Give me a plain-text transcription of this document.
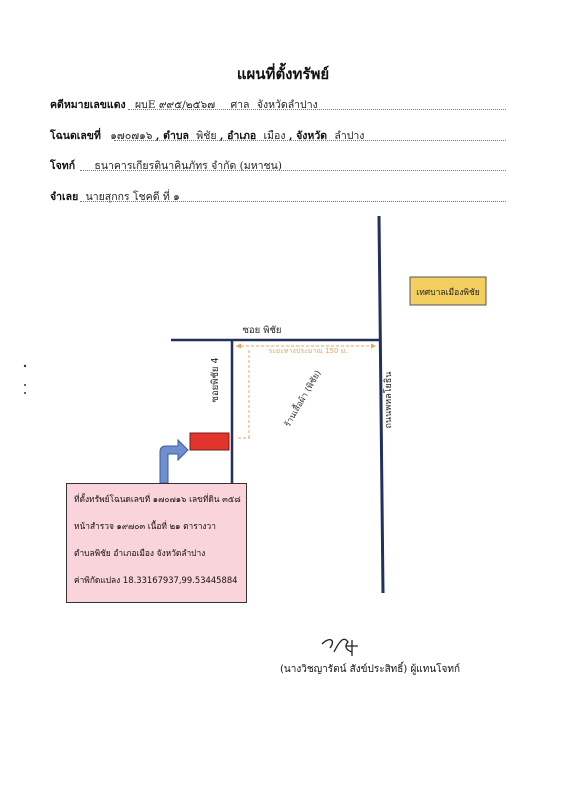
แผนที่ตั้งทรัพย์
คดีหมายเลขแดง ผบE ๙๙๕/๒๕๖๗ ศาล จังหวัดลำปาง
โฉนดเลขที่ ๑๗๐๗๑๖ , ตำบล พิชัย , อำเภอ เมือง , จังหวัด ลำปาง
โจทก์ ธนาคารเกียรตินาคินภัทร จำกัด (มหาชน)
จำเลย นายสุกกร โชคดี ที่ ๑
เทศบาลเมืองพิชัย
ซอย พิชัย
ซอยพิชัย 4	ถนนพหลโยธิน
ร้านเสื้อผ้า (พิชัย)
ระยะทางประมาณ 150 ม.
ที่ตั้งทรัพย์โฉนดเลขที่ ๑๗๐๗๑๖ เลขที่ดิน ๓๕๘
หน้าสำรวจ ๑๙๗๐๓ เนื้อที่ ๒๑ ตารางวา
ตำบลพิชัย อำเภอเมือง จังหวัดลำปาง
ค่าพิกัดแปลง 18.33167937,99.53445884
(นางวิชญารัตน์ สังข์ประสิทธิ์) ผู้แทนโจทก์
